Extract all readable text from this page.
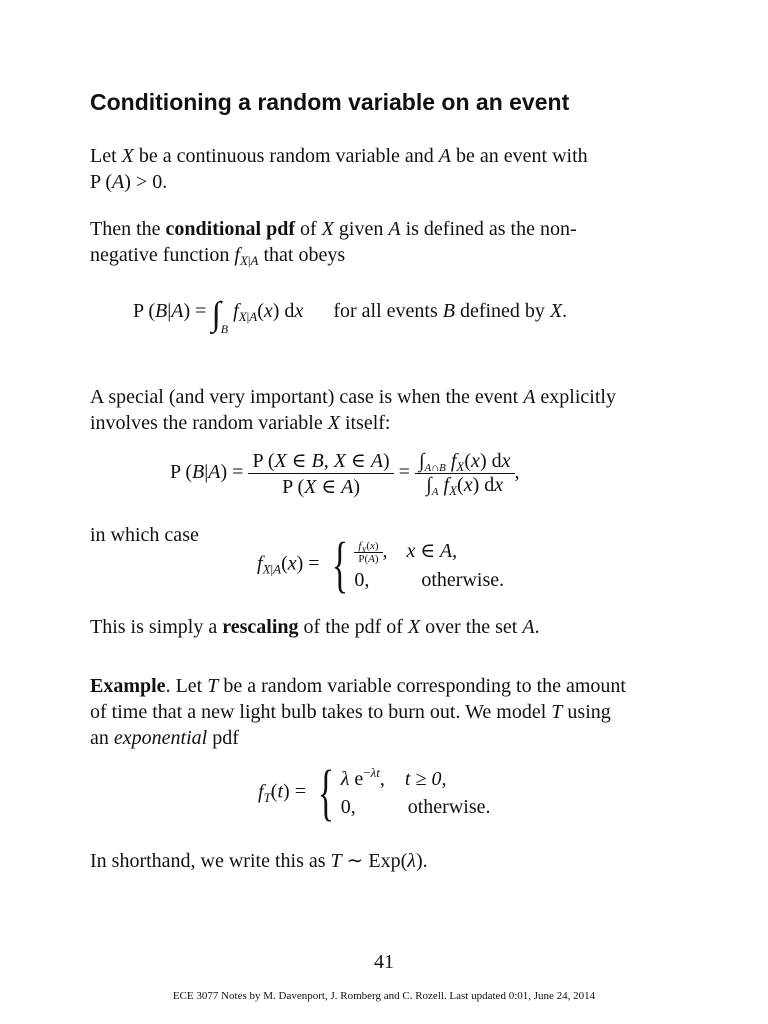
Conditioning a random variable on an event
Let X be a continuous random variable and A be an event with
P (A) > 0.
Then the conditional pdf of X given A is defined as the non-
negative function $f_{X|A}$ that obeys
P $(B|A) = \int_B$ $f_{X|A}(x)$ dx for all events B defined by X.
A special (and very important) case is when the event A explicitly
involves the random variable X itself:
P $(B|A) = \frac{P (X \in B, X \in A)}{P (X \in A)} = \frac{\int_{A\cap B} f_X(x) dx}{\int_A f_X(x) dx}$ ,
in which case
$f_{X|A}(x)$ = { $\frac{f_X(x)}{P(A)}$ , x ∈ A,
0,	otherwise.
This is simply a rescaling of the pdf of X over the set A.
Example. Let T be a random variable corresponding to the amount
of time that a new light bulb takes to burn out. We model T using
an exponential pdf
$f_T(t)$ = { λ $e^{-\lambda t}$, t ≥ 0,
0,	otherwise.
In shorthand, we write this as T ∼ Exp(λ).
41
ECE 3077 Notes by M. Davenport, J. Romberg and C. Rozell. Last updated 0:01, June 24, 2014
